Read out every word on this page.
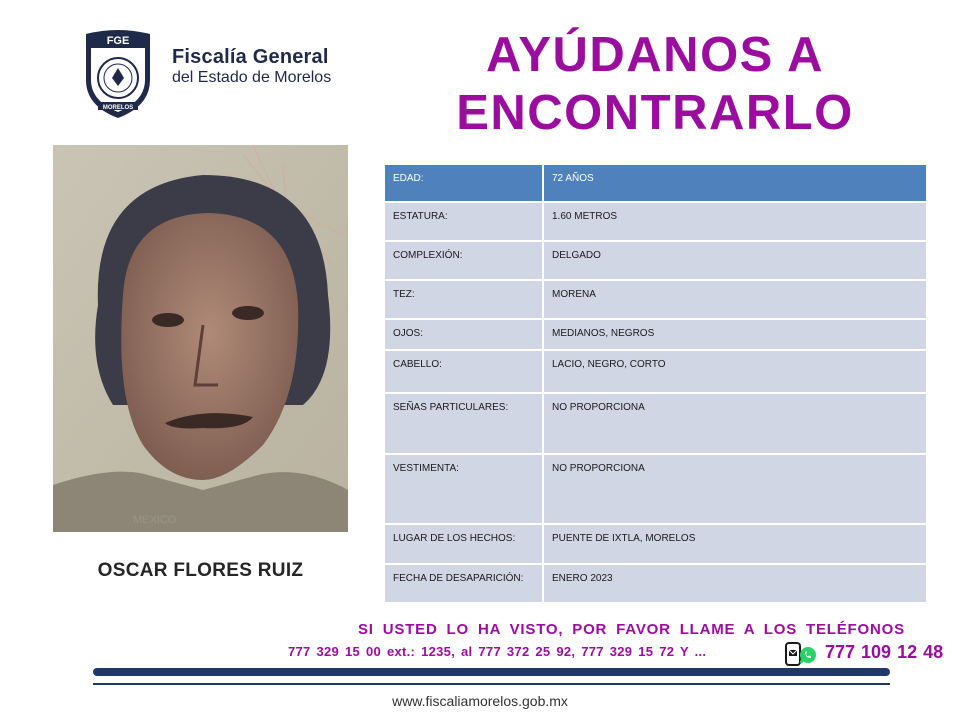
FGE
MORELOS
Fiscalía General
del Estado de Morelos	AYÚDANOS A
ENCONTRARLO
MEXICO
OSCAR FLORES RUIZ
EDAD:	72 AÑOS
ESTATURA:	1.60 METROS
COMPLEXIÓN:	DELGADO
TEZ:	MORENA
OJOS:	MEDIANOS, NEGROS
CABELLO:	LACIO, NEGRO, CORTO
SEÑAS PARTICULARES:	NO PROPORCIONA
VESTIMENTA:	NO PROPORCIONA
LUGAR DE LOS HECHOS:	PUENTE DE IXTLA, MORELOS
FECHA DE DESAPARICIÓN:	ENERO 2023
SI USTED LO HA VISTO, POR FAVOR LLAME A LOS TELÉFONOS
777 329 15 00 ext.: 1235, al 777 372 25 92, 777 329 15 72 Y ...	777 109 12 48
www.fiscaliamorelos.gob.mx
